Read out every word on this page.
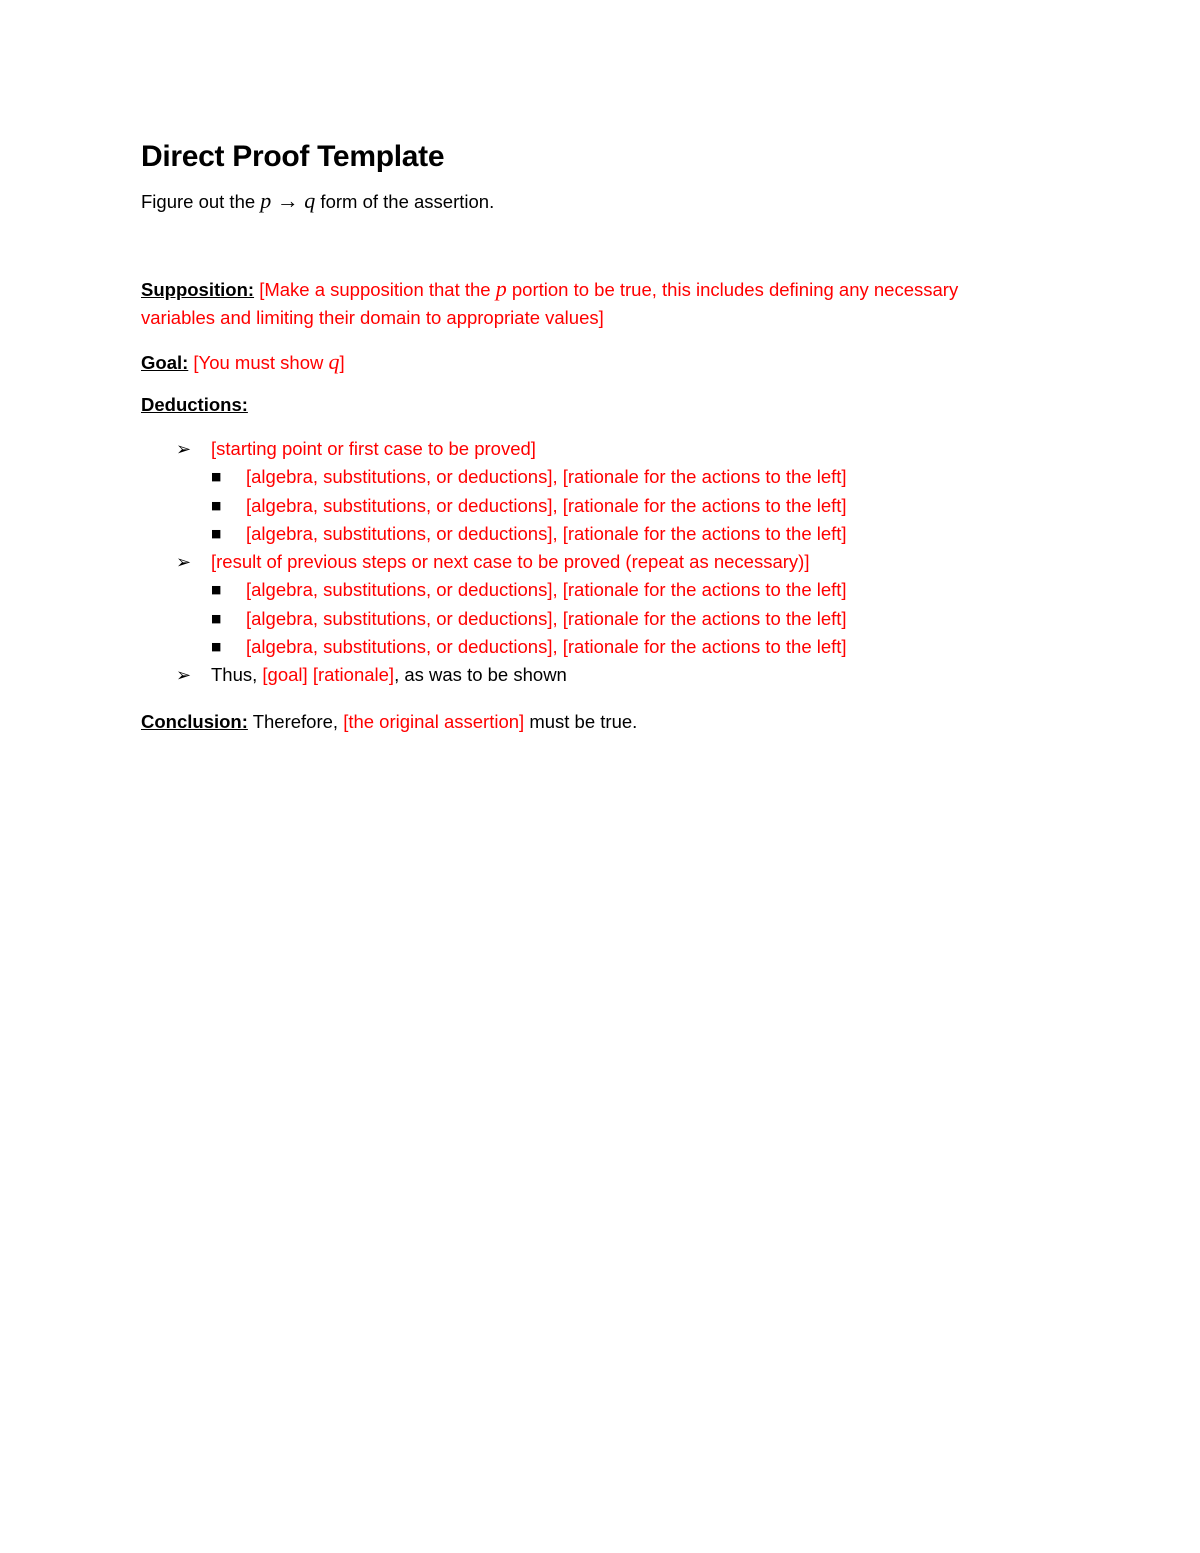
Direct Proof Template
Figure out the p → q form of the assertion.
Supposition: [Make a supposition that the p portion to be true, this includes defining any necessary
variables and limiting their domain to appropriate values]
Goal: [You must show q]
Deductions:
➢ [starting point or first case to be proved]
■ [algebra, substitutions, or deductions], [rationale for the actions to the left]
■ [algebra, substitutions, or deductions], [rationale for the actions to the left]
■ [algebra, substitutions, or deductions], [rationale for the actions to the left]
➢ [result of previous steps or next case to be proved (repeat as necessary)]
■ [algebra, substitutions, or deductions], [rationale for the actions to the left]
■ [algebra, substitutions, or deductions], [rationale for the actions to the left]
■ [algebra, substitutions, or deductions], [rationale for the actions to the left]
➢ Thus, [goal] [rationale], as was to be shown
Conclusion: Therefore, [the original assertion] must be true.
